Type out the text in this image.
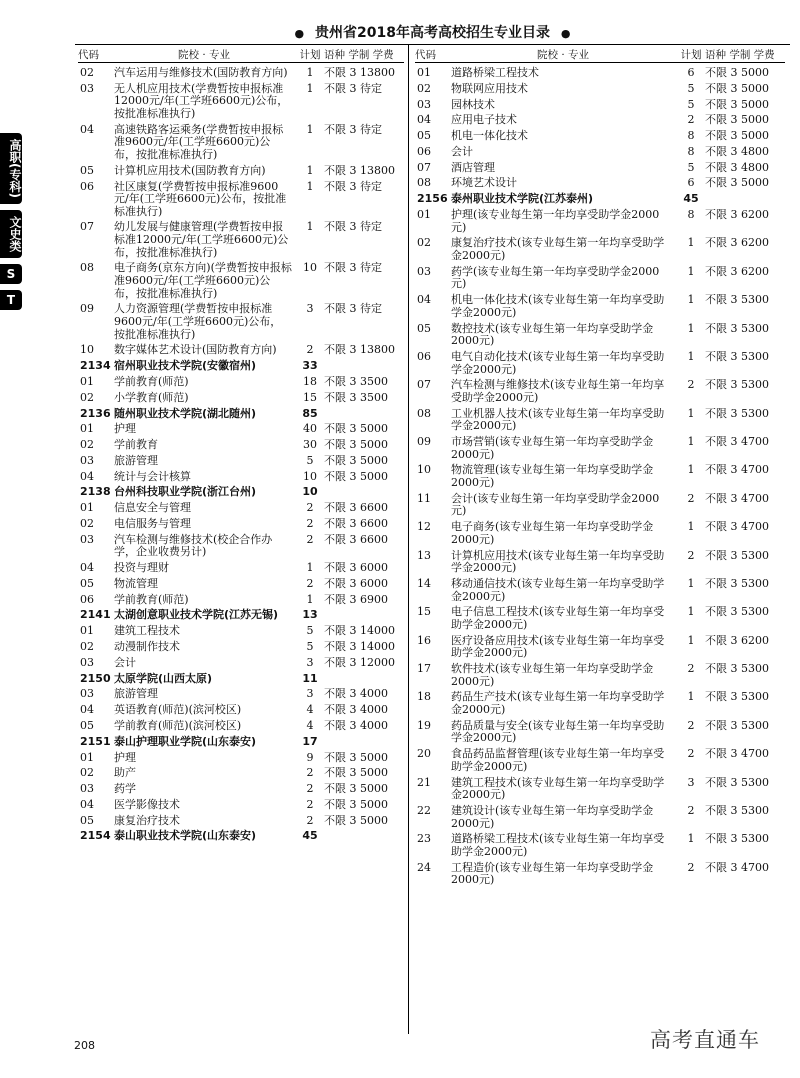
● 贵州省2018年高考高校招生专业目录 ●
高职(专科)
文史类
S
T
代码	院校 · 专业	计划 语种 学制 学费
02	汽车运用与维修技术(国防教育方向)	1 不限 3 13800
03	无人机应用技术(学费暂按申报标准12000元/年(工学班6600元)公布，按批准标准执行)
1 不限 3 待定
04	高速铁路客运乘务(学费暂按申报标准9600元/年(工学班6600元)公布，按批准标准执行)
1 不限 3 待定
05	计算机应用技术(国防教育方向)	1 不限 3 13800
06	社区康复(学费暂按申报标准9600元/年(工学班6600元)公布，按批准标准执行)
1 不限 3 待定
07	幼儿发展与健康管理(学费暂按申报标准12000元/年(工学班6600元)公布，按批准标准执行)
1 不限 3 待定
08	电子商务(京东方向)(学费暂按申报标准9600元/年(工学班6600元)公布，按批准标准执行)
10 不限 3 待定
09	人力资源管理(学费暂按申报标准9600元/年(工学班6600元)公布，按批准标准执行)
3 不限 3 待定
10	数字媒体艺术设计(国防教育方向)	2 不限 3 13800
2134 宿州职业技术学院(安徽宿州)	33
01	学前教育(师范)	18 不限 3 3500
02	小学教育(师范)	15 不限 3 3500
2136 随州职业技术学院(湖北随州)	85
01	护理	40 不限 3 5000
02	学前教育	30 不限 3 5000
03	旅游管理	5 不限 3 5000
04	统计与会计核算	10 不限 3 5000
2138 台州科技职业学院(浙江台州)	10
01	信息安全与管理	2 不限 3 6600
02	电信服务与管理	2 不限 3 6600
03	汽车检测与维修技术(校企合作办学，企业收费另计)
2 不限 3 6600
04	投资与理财	1 不限 3 6000
05	物流管理	2 不限 3 6000
06	学前教育(师范)	1 不限 3 6900
2141 太湖创意职业技术学院(江苏无锡)	13
01	建筑工程技术	5 不限 3 14000
02	动漫制作技术	5 不限 3 14000
03	会计	3 不限 3 12000
2150 太原学院(山西太原)	11
03	旅游管理	3 不限 3 4000
04	英语教育(师范)(滨河校区)	4 不限 3 4000
05	学前教育(师范)(滨河校区)	4 不限 3 4000
2151 泰山护理职业学院(山东泰安)	17
01	护理	9 不限 3 5000
02	助产	2 不限 3 5000
03	药学	2 不限 3 5000
04	医学影像技术	2 不限 3 5000
05	康复治疗技术	2 不限 3 5000
2154 泰山职业技术学院(山东泰安)	45
代码	院校 · 专业	计划 语种 学制 学费
01	道路桥梁工程技术	6 不限 3 5000
02	物联网应用技术	5 不限 3 5000
03	园林技术	5 不限 3 5000
04	应用电子技术	2 不限 3 5000
05	机电一体化技术	8 不限 3 5000
06	会计	8 不限 3 4800
07	酒店管理	5 不限 3 4800
08	环境艺术设计	6 不限 3 5000
2156 泰州职业技术学院(江苏泰州)	45
01	护理(该专业每生第一年均享受助学金2000元)
8 不限 3 6200
02	康复治疗技术(该专业每生第一年均享受助学金2000元)
1 不限 3 6200
03	药学(该专业每生第一年均享受助学金2000元)
1 不限 3 6200
04	机电一体化技术(该专业每生第一年均享受助学金2000元)
1 不限 3 5300
05	数控技术(该专业每生第一年均享受助学金2000元)
1 不限 3 5300
06	电气自动化技术(该专业每生第一年均享受助学金2000元)
1 不限 3 5300
07	汽车检测与维修技术(该专业每生第一年均享受助学金2000元)
2 不限 3 5300
08	工业机器人技术(该专业每生第一年均享受助学金2000元)
1 不限 3 5300
09	市场营销(该专业每生第一年均享受助学金2000元)
1 不限 3 4700
10	物流管理(该专业每生第一年均享受助学金2000元)
1 不限 3 4700
11	会计(该专业每生第一年均享受助学金2000元)
2 不限 3 4700
12	电子商务(该专业每生第一年均享受助学金2000元)
1 不限 3 4700
13	计算机应用技术(该专业每生第一年均享受助学金2000元)
2 不限 3 5300
14	移动通信技术(该专业每生第一年均享受助学金2000元)
1 不限 3 5300
15	电子信息工程技术(该专业每生第一年均享受助学金2000元)
1 不限 3 5300
16	医疗设备应用技术(该专业每生第一年均享受助学金2000元)
1 不限 3 6200
17	软件技术(该专业每生第一年均享受助学金2000元)
2 不限 3 5300
18	药品生产技术(该专业每生第一年均享受助学金2000元)
1 不限 3 5300
19	药品质量与安全(该专业每生第一年均享受助学金2000元)
2 不限 3 5300
20	食品药品监督管理(该专业每生第一年均享受助学金2000元)
2 不限 3 4700
21	建筑工程技术(该专业每生第一年均享受助学金2000元)
3 不限 3 5300
22	建筑设计(该专业每生第一年均享受助学金2000元)
2 不限 3 5300
23	道路桥梁工程技术(该专业每生第一年均享受助学金2000元)
1 不限 3 5300
24	工程造价(该专业每生第一年均享受助学金2000元)
2 不限 3 4700
208	高考直通车
